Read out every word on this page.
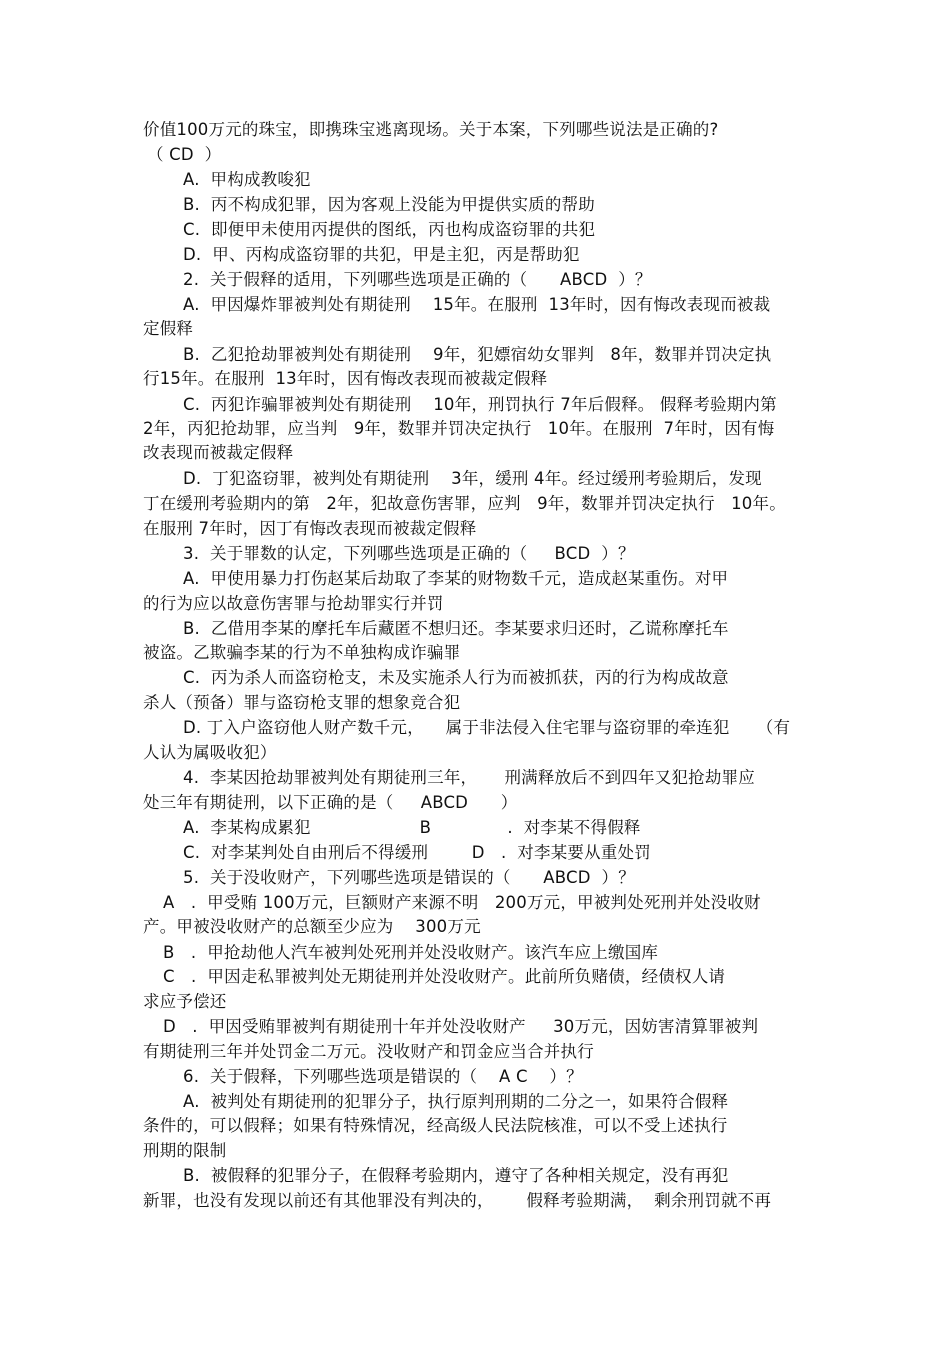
价值100万元的珠宝，即携珠宝逃离现场。关于本案，下列哪些说法是正确的?
（ CD  ）
A.  甲构成教唆犯
B.  丙不构成犯罪，因为客观上没能为甲提供实质的帮助
C.  即便甲未使用丙提供的图纸，丙也构成盗窃罪的共犯
D.  甲、丙构成盗窃罪的共犯，甲是主犯，丙是帮助犯
2.  关于假释的适用，下列哪些选项是正确的（      ABCD  ）？
A.  甲因爆炸罪被判处有期徒刑    15年。在服刑  13年时，因有悔改表现而被裁
定假释
B.  乙犯抢劫罪被判处有期徒刑    9年，犯嫖宿幼女罪判   8年，数罪并罚决定执
行15年。在服刑  13年时，因有悔改表现而被裁定假释
C.  丙犯诈骗罪被判处有期徒刑    10年，刑罚执行 7年后假释。 假释考验期内第
2年，丙犯抢劫罪，应当判   9年，数罪并罚决定执行   10年。在服刑  7年时，因有悔
改表现而被裁定假释
D.  丁犯盗窃罪，被判处有期徒刑    3年，缓刑 4年。经过缓刑考验期后，发现
丁在缓刑考验期内的第   2年，犯故意伤害罪，应判   9年，数罪并罚决定执行   10年。
在服刑 7年时，因丁有悔改表现而被裁定假释
3.  关于罪数的认定，下列哪些选项是正确的（     BCD  ）？
A.  甲使用暴力打伤赵某后劫取了李某的财物数千元，造成赵某重伤。对甲
的行为应以故意伤害罪与抢劫罪实行并罚
B.  乙借用李某的摩托车后藏匿不想归还。李某要求归还时，乙谎称摩托车
被盗。乙欺骗李某的行为不单独构成诈骗罪
C.  丙为杀人而盗窃枪支，未及实施杀人行为而被抓获，丙的行为构成故意
杀人（预备）罪与盗窃枪支罪的想象竞合犯
D. 丁入户盗窃他人财产数千元，    属于非法侵入住宅罪与盗窃罪的牵连犯     （有
人认为属吸收犯）
4.  李某因抢劫罪被判处有期徒刑三年，     刑满释放后不到四年又犯抢劫罪应
处三年有期徒刑，以下正确的是（     ABCD      ）
A.  李某构成累犯                    B              .  对李某不得假释
C.  对李某判处自由刑后不得缓刑        D   .  对李某要从重处罚
5.  关于没收财产，下列哪些选项是错误的（      ABCD  ）？
A   .  甲受贿 100万元，巨额财产来源不明   200万元，甲被判处死刑并处没收财
产。甲被没收财产的总额至少应为    300万元
B   .  甲抢劫他人汽车被判处死刑并处没收财产。该汽车应上缴国库
C   .  甲因走私罪被判处无期徒刑并处没收财产。此前所负赌债，经债权人请
求应予偿还
D   .  甲因受贿罪被判有期徒刑十年并处没收财产     30万元，因妨害清算罪被判
有期徒刑三年并处罚金二万元。没收财产和罚金应当合并执行
6.  关于假释，下列哪些选项是错误的（    A C    ）？
A.  被判处有期徒刑的犯罪分子，执行原判刑期的二分之一，如果符合假释
条件的，可以假释；如果有特殊情况，经高级人民法院核准，可以不受上述执行
刑期的限制
B.  被假释的犯罪分子，在假释考验期内，遵守了各种相关规定，没有再犯
新罪，也没有发现以前还有其他罪没有判决的，      假释考验期满，  剩余刑罚就不再
